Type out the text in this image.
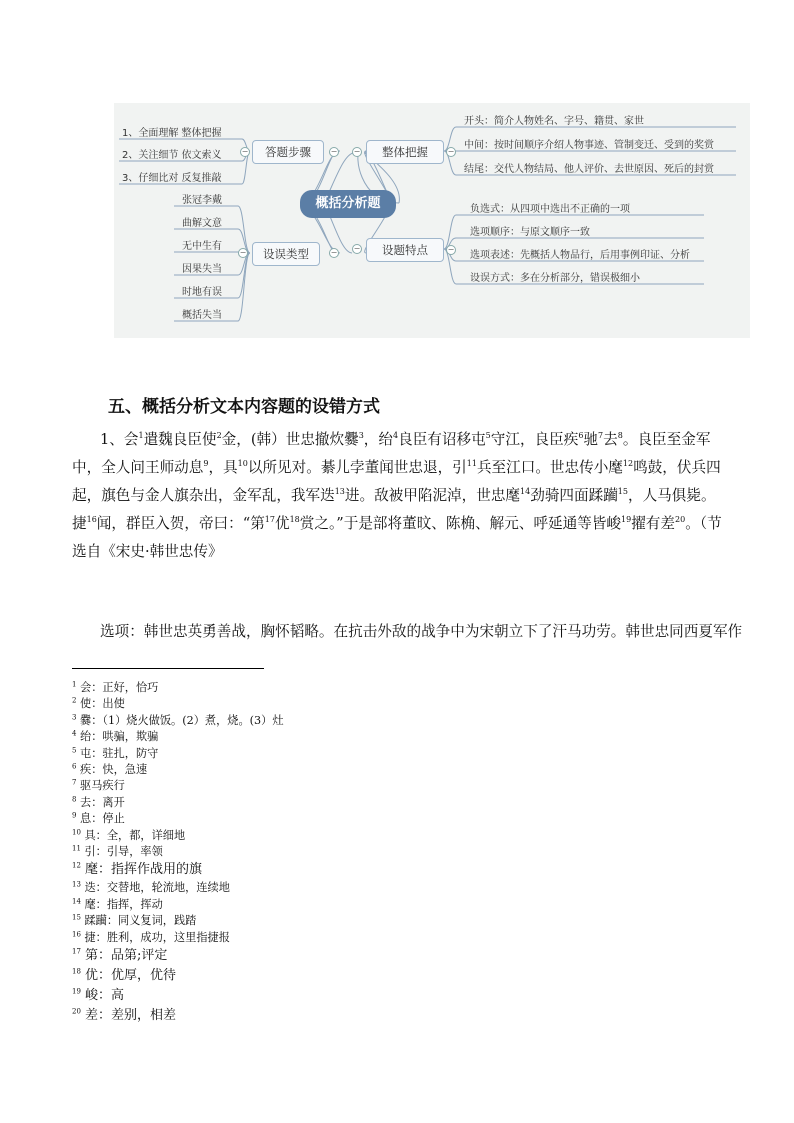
概括分析题
答题步骤
设误类型
整体把握
设题特点
−
−
−
−
−
−
−
−
1、全面理解 整体把握
2、关注细节 依文索义
3、仔细比对 反复推敲
张冠李戴
曲解文意
无中生有
因果失当
时地有误
概括失当
开头：简介人物姓名、字号、籍贯、家世
中间：按时间顺序介绍人物事迹、管制变迁、受到的奖赏
结尾：交代人物结局、他人评价、去世原因、死后的封赏
负选式：从四项中选出不正确的一项
选项顺序：与原文顺序一致
选项表述：先概括人物品行，后用事例印证、分析
设误方式：多在分析部分，错误极细小
五、概括分析文本内容题的设错方式
1、会$^1$遣魏良臣使$^2$金，(韩）世忠撤炊爨$^3$，绐$^4$良臣有诏移屯$^5$守江，良臣疾$^6$驰$^7$去$^8$。良臣至金军中，全人问王师动息$^9$，具$^{10}$以所见对。綦儿孛董闻世忠退，引$^{11}$兵至江口。世忠传小麾$^{12}$鸣鼓，伏兵四起，旗色与金人旗杂出，金军乱，我军迭$^{13}$进。敌被甲陷泥淖，世忠麾$^{14}$劲骑四面蹂躏$^{15}$，人马俱毙。捷$^{16}$闻，群臣入贺，帝曰：“第$^{17}$优$^{18}$赏之。”于是部将董旼、陈桷、解元、呼延通等皆峻$^{19}$擢有差$^{20}$。（节选自《宋史·韩世忠传》
选项：韩世忠英勇善战，胸怀韬略。在抗击外敌的战争中为宋朝立下了汗马功劳。韩世忠同西夏军作
$^1$ 会：正好，恰巧
$^2$ 使：出使
$^3$ 爨：（1）烧火做饭。(2）煮，烧。(3）灶
$^4$ 绐：哄骗，欺骗
$^5$ 屯：驻扎，防守
$^6$ 疾：快，急速
$^7$ 驱马疾行
$^8$ 去：离开
$^9$ 息：停止
$^{10}$ 具：全，都，详细地
$^{11}$ 引：引导，率领
$^{12}$ 麾：指挥作战用的旗
$^{13}$ 迭：交替地，轮流地，连续地
$^{14}$ 麾：指挥，挥动
$^{15}$ 蹂躏：同义复词，践踏
$^{16}$ 捷：胜利，成功，这里指捷报
$^{17}$ 第：品第;评定
$^{18}$ 优：优厚，优待
$^{19}$ 峻：高
$^{20}$ 差：差别，相差
